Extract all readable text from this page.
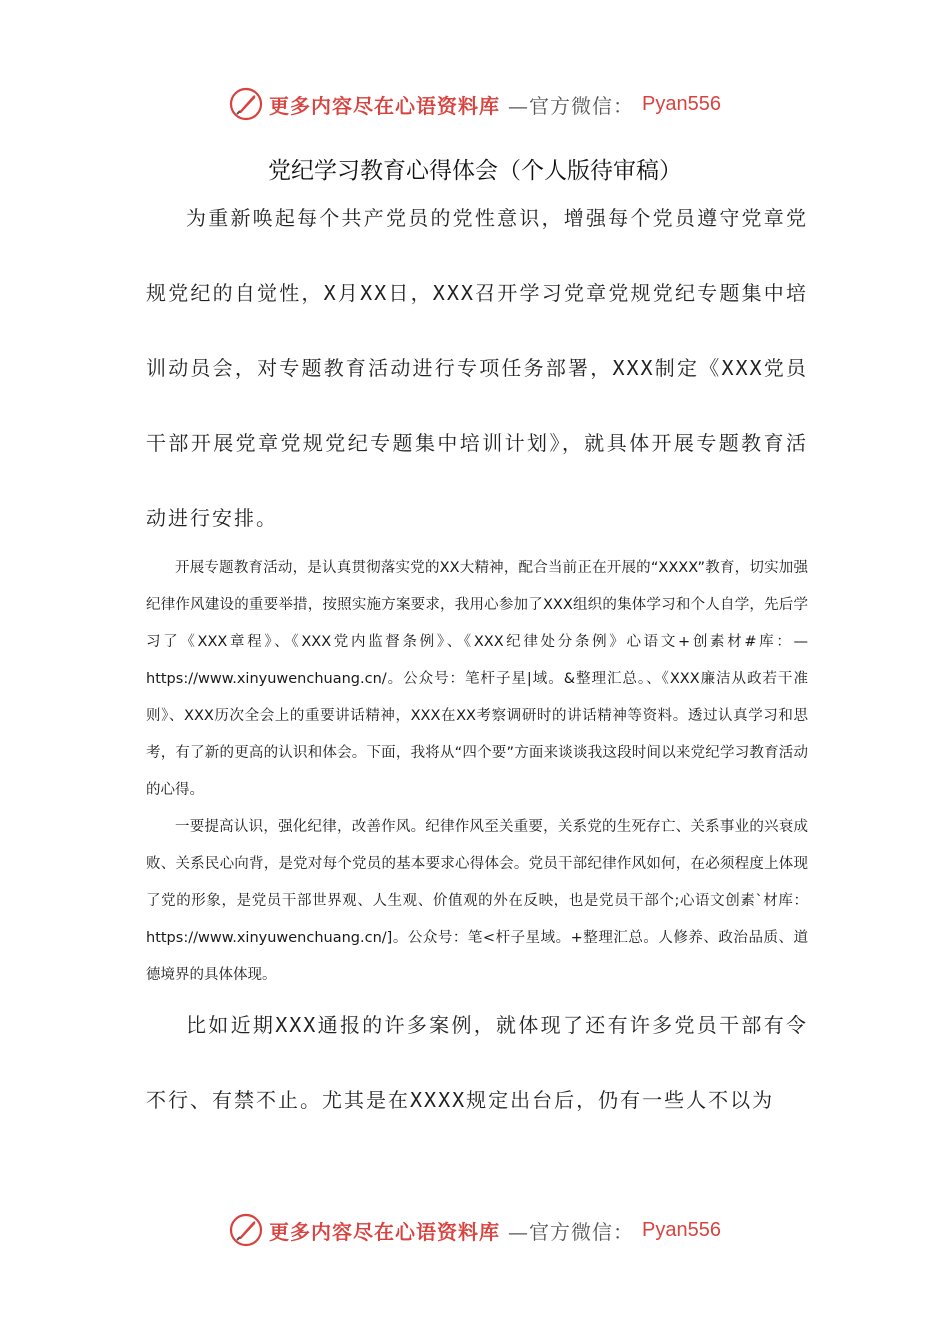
更多内容尽在心语资料库 —官方微信： Pyan556
党纪学习教育心得体会（个人版待审稿）

为重新唤起每个共产党员的党性意识，增强每个党员遵守党章党规党纪的自觉性，X月XX日，XXX召开学习党章党规党纪专题集中培训动员会，对专题教育活动进行专项任务部署，XXX制定《XXX党员干部开展党章党规党纪专题集中培训计划》，就具体开展专题教育活动进行安排。

开展专题教育活动，是认真贯彻落实党的XX大精神，配合当前正在开展的“XXXX”教育，切实加强纪律作风建设的重要举措，按照实施方案要求，我用心参加了XXX组织的集体学习和个人自学，先后学习了《XXX章程》、《XXX党内监督条例》、《XXX纪律处分条例》心语文+创素材#库：—https://www.xinyuwenchuang.cn/。公众号：笔杆子星|域。&整理汇总。、《XXX廉洁从政若干准则》、XXX历次全会上的重要讲话精神，XXX在XX考察调研时的讲话精神等资料。透过认真学习和思考，有了新的更高的认识和体会。下面，我将从“四个要”方面来谈谈我这段时间以来党纪学习教育活动的心得。

一要提高认识，强化纪律，改善作风。纪律作风至关重要，关系党的生死存亡、关系事业的兴衰成败、关系民心向背，是党对每个党员的基本要求心得体会。党员干部纪律作风如何，在必须程度上体现了党的形象，是党员干部世界观、人生观、价值观的外在反映，也是党员干部个;心语文创素`材库：https://www.xinyuwenchuang.cn/]。公众号：笔<杆子星域。+整理汇总。人修养、政治品质、道德境界的具体体现。

比如近期XXX通报的许多案例，就体现了还有许多党员干部有令不行、有禁不止。尤其是在XXXX规定出台后，仍有一些人不以为

更多内容尽在心语资料库 —官方微信： Pyan556
